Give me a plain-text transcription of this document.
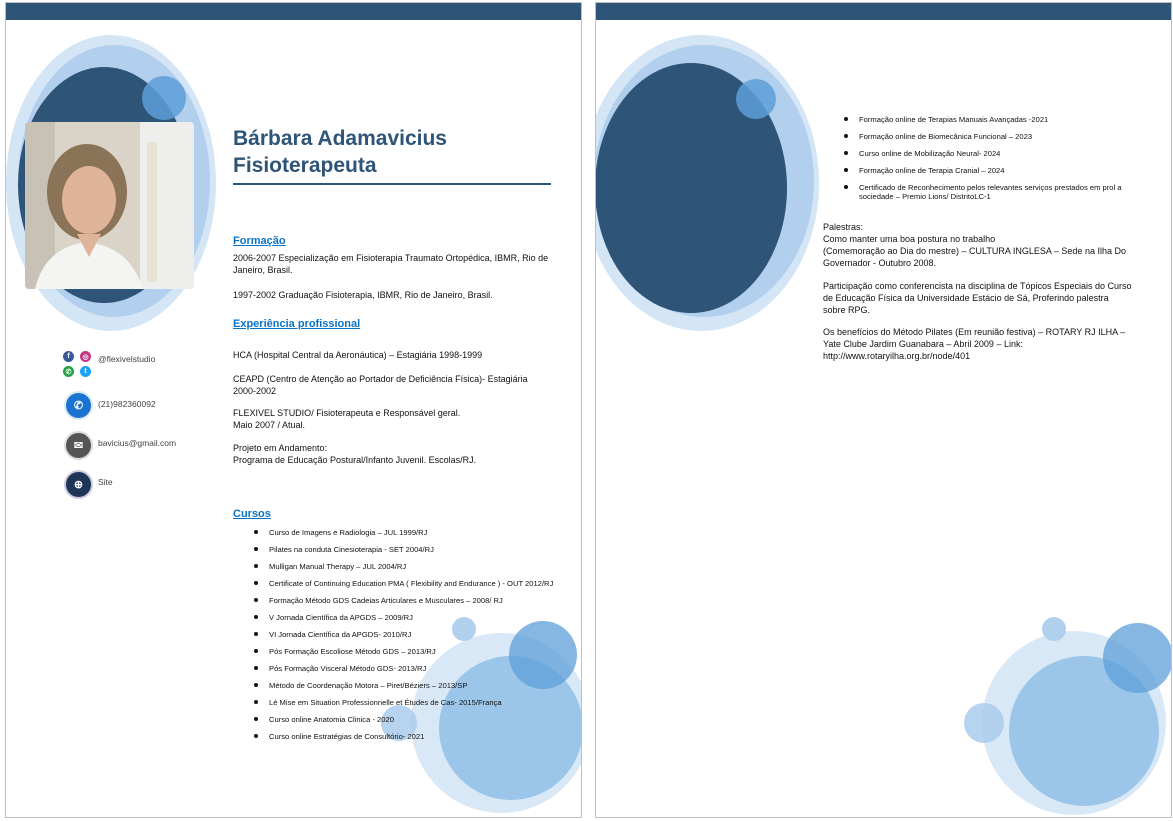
Bárbara Adamavicius
Fisioterapeuta
f	◎
✆	t
@flexivelstudio
✆	(21)982360092
✉	bavicius@gmail.com
⊕	Site
Formação
2006-2007 Especialização em Fisioterapia Traumato Ortopédica, IBMR, Rio de Janeiro, Brasil.
1997-2002 Graduação Fisioterapia, IBMR, Rio de Janeiro, Brasil.
Experiência profissional
HCA (Hospital Central da Aeronáutica) – Estagiária 1998-1999
CEAPD (Centro de Atenção ao Portador de Deficiência Física)- Estagiária 2000-2002
FLEXIVEL STUDIO/ Fisioterapeuta e Responsável geral.
Maio 2007 / Atual.
Projeto em Andamento:
Programa de Educação Postural/Infanto Juvenil. Escolas/RJ.
Cursos
Curso de Imagens e Radiologia – JUL 1999/RJ
Pilates na conduta Cinesioterapia - SET 2004/RJ
Mulligan Manual Therapy – JUL 2004/RJ
Certificate of Continuing Education PMA ( Flexibility and Endurance ) - OUT 2012/RJ
Formação Método GDS Cadeias Articulares e Musculares – 2008/ RJ
V Jornada Científica da APGDS – 2009/RJ
VI Jornada Científica da APGDS- 2010/RJ
Pós Formação Escoliose Método GDS – 2013/RJ
Pós Formação Visceral Método GDS- 2013/RJ
Método de Coordenação Motora – Piret/Béziers – 2013/SP
Lé Mise em Situation Professionnelle et Études de Cas- 2015/França
Curso online Anatomia Clinica - 2020
Curso online Estratégias de Consultório- 2021
Formação online de Terapias Manuais Avançadas -2021
Formação online de Biomecânica Funcional – 2023
Curso online de Mobilização Neural- 2024
Formação online de Terapia Cranial – 2024
Certificado de Reconhecimento pelos relevantes serviços prestados em prol a sociedade – Premio Lions/ DistritoLC-1
Palestras:
Como manter uma boa postura no trabalho
(Comemoração ao Dia do mestre) – CULTURA INGLESA – Sede na Ilha Do Governador - Outubro 2008.
Participação como conferencista na disciplina de Tópicos Especiais do Curso de Educação Física da Universidade Estácio de Sá, Proferindo palestra sobre RPG.
Os benefícios do Método Pilates (Em reunião festiva) – ROTARY RJ ILHA – Yate Clube Jardim Guanabara – Abril 2009 – Link: http://www.rotaryilha.org.br/node/401
